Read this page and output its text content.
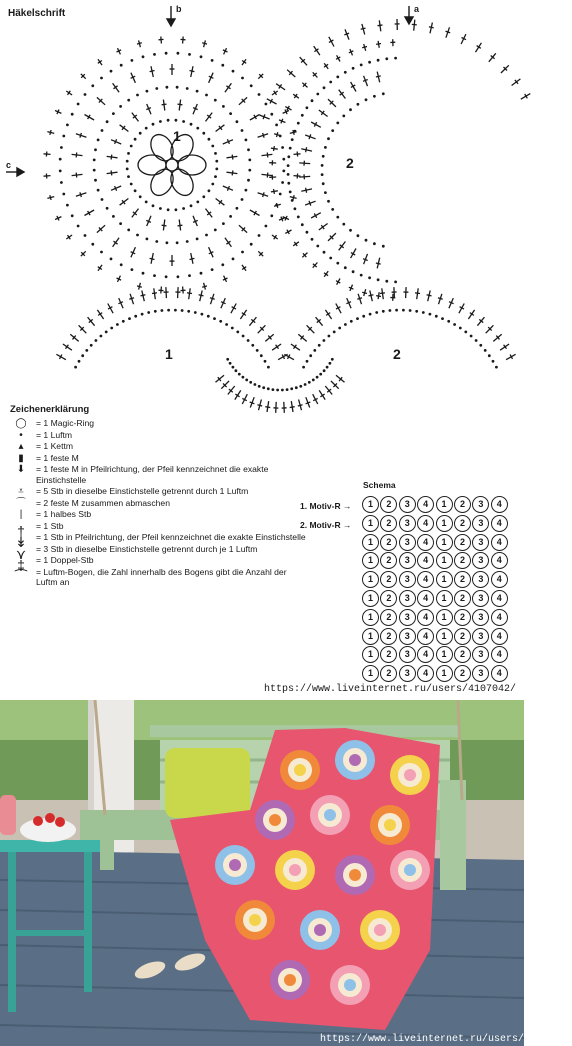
Häkelschrift	b	a
c
1
2
1	2
Zeichenerklärung
◯	= 1 Magic-Ring
•	= 1 Luftm
▴	= 1 Kettm
▮	= 1 feste M
⬇	= 1 feste M in Pfeilrichtung, der Pfeil kennzeichnet die exakte Einstichstelle
⩡	= 5 Stb in dieselbe Einstichstelle getrennt durch 1 Luftm
⌒	= 2 feste M zusammen abmaschen
|	= 1 halbes Stb
†	= 1 Stb
↡	= 1 Stb in Pfeilrichtung, der Pfeil kennzeichnet die exakte Einstichstelle
⋎	= 3 Stb in dieselbe Einstichstelle getrennt durch je 1 Luftm
‡	= 1 Doppel-Stb
⁀	= Luftm-Bogen, die Zahl innerhalb des Bogens gibt die Anzahl der Luftm an
Schema
1. Motiv-R →
2. Motiv-R →
1	2	3	4	1	2	3	4
1	2	3	4	1	2	3	4
1	2	3	4	1	2	3	4
1	2	3	4	1	2	3	4
1	2	3	4	1	2	3	4
1	2	3	4	1	2	3	4
1	2	3	4	1	2	3	4
1	2	3	4	1	2	3	4
1	2	3	4	1	2	3	4
1	2	3	4	1	2	3	4
https://www.liveinternet.ru/users/4107042/
https://www.liveinternet.ru/users/4107042/
